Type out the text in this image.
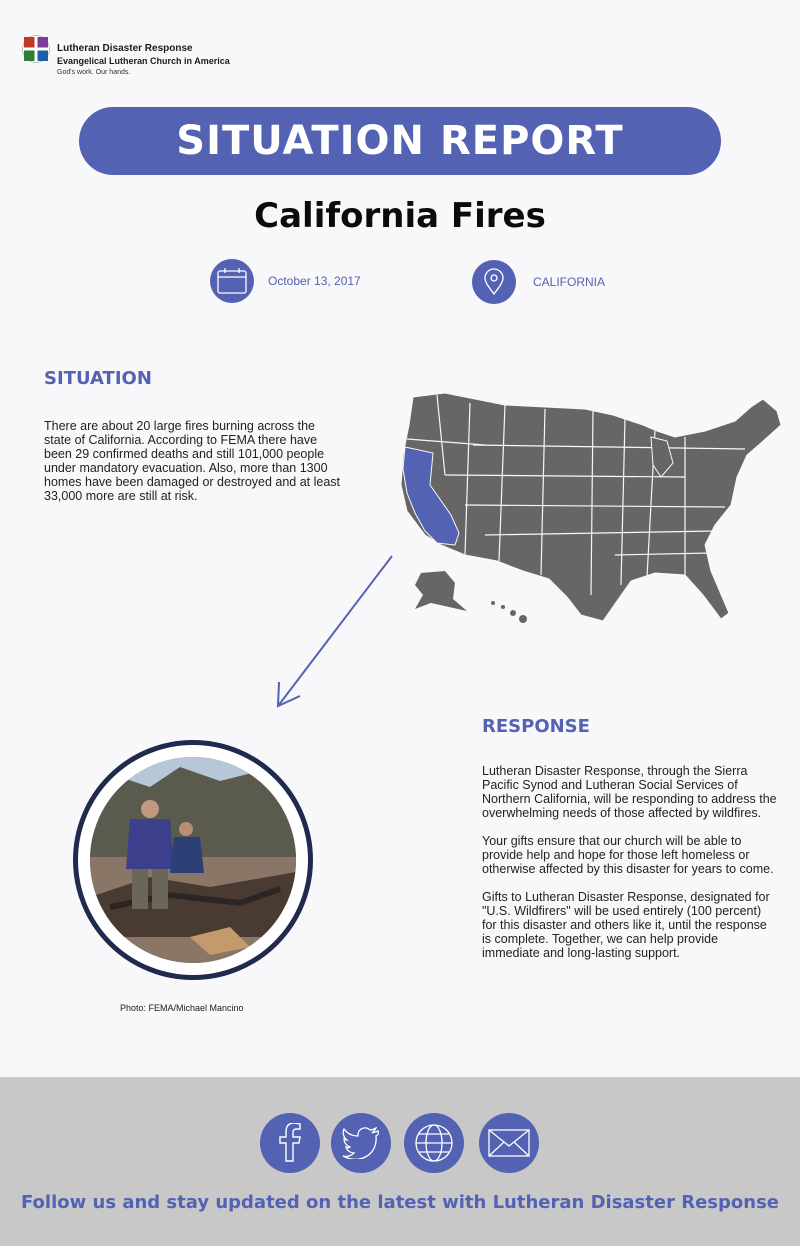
Lutheran Disaster Response
Evangelical Lutheran Church in America
God's work. Our hands.
SITUATION REPORT
California Fires
October 13, 2017	CALIFORNIA
SITUATION
There are about 20 large fires burning across the state of California. According to FEMA there have been 29 confirmed deaths and still 101,000 people under mandatory evacuation. Also, more than 1300 homes have been damaged or destroyed and at least 33,000 more are still at risk.
RESPONSE

Lutheran Disaster Response, through the Sierra Pacific Synod and Lutheran Social Services of Northern California, will be responding to address the overwhelming needs of those affected by wildfires.

Your gifts ensure that our church will be able to provide help and hope for those left homeless or otherwise affected by this disaster for years to come.

Gifts to Lutheran Disaster Response, designated for "U.S. Wildfirers" will be used entirely (100 percent) for this disaster and others like it, until the response is complete. Together, we can help provide immediate and long-lasting support.

Photo: FEMA/Michael Mancino
Follow us and stay updated on the latest with Lutheran Disaster Response
